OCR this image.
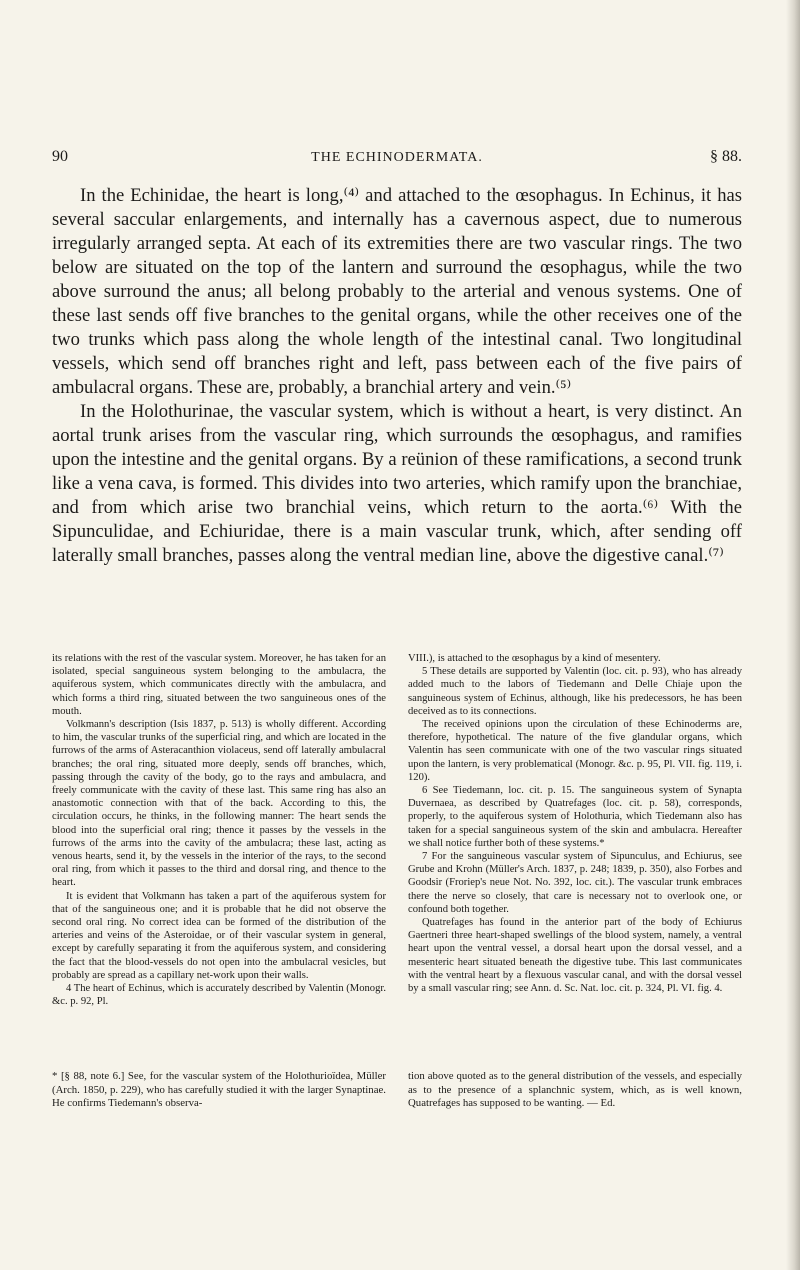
90	THE ECHINODERMATA.	§ 88.

In the Echinidae, the heart is long,⁽⁴⁾ and attached to the œsophagus. In Echinus, it has several saccular enlargements, and internally has a cavernous aspect, due to numerous irregularly arranged septa. At each of its extremities there are two vascular rings. The two below are situated on the top of the lantern and surround the œsophagus, while the two above surround the anus; all belong probably to the arterial and venous systems. One of these last sends off five branches to the genital organs, while the other receives one of the two trunks which pass along the whole length of the intestinal canal. Two longitudinal vessels, which send off branches right and left, pass between each of the five pairs of ambulacral organs. These are, probably, a branchial artery and vein.⁽⁵⁾

In the Holothurinae, the vascular system, which is without a heart, is very distinct. An aortal trunk arises from the vascular ring, which surrounds the œsophagus, and ramifies upon the intestine and the genital organs. By a reünion of these ramifications, a second trunk like a vena cava, is formed. This divides into two arteries, which ramify upon the branchiae, and from which arise two branchial veins, which return to the aorta.⁽⁶⁾ With the Sipunculidae, and Echiuridae, there is a main vascular trunk, which, after sending off laterally small branches, passes along the ventral median line, above the digestive canal.⁽⁷⁾

its relations with the rest of the vascular system. Moreover, he has taken for an isolated, special sanguineous system belonging to the ambulacra, the aquiferous system, which communicates directly with the ambulacra, and which forms a third ring, situated between the two sanguineous ones of the mouth.

Volkmann's description (Isis 1837, p. 513) is wholly different. According to him, the vascular trunks of the superficial ring, and which are located in the furrows of the arms of Asteracanthion violaceus, send off laterally ambulacral branches; the oral ring, situated more deeply, sends off branches, which, passing through the cavity of the body, go to the rays and ambulacra, and freely communicate with the cavity of these last. This same ring has also an anastomotic connection with that of the back. According to this, the circulation occurs, he thinks, in the following manner: The heart sends the blood into the superficial oral ring; thence it passes by the vessels in the furrows of the arms into the cavity of the ambulacra; these last, acting as venous hearts, send it, by the vessels in the interior of the rays, to the second oral ring, from which it passes to the third and dorsal ring, and thence to the heart.

It is evident that Volkmann has taken a part of the aquiferous system for that of the sanguineous one; and it is probable that he did not observe the second oral ring. No correct idea can be formed of the distribution of the arteries and veins of the Asteroidae, or of their vascular system in general, except by carefully separating it from the aquiferous system, and considering the fact that the blood-vessels do not open into the ambulacral vesicles, but probably are spread as a capillary net-work upon their walls.

4 The heart of Echinus, which is accurately described by Valentin (Monogr. &c. p. 92, Pl.

VIII.), is attached to the œsophagus by a kind of mesentery.

5 These details are supported by Valentin (loc. cit. p. 93), who has already added much to the labors of Tiedemann and Delle Chiaje upon the sanguineous system of Echinus, although, like his predecessors, he has been deceived as to its connections.

The received opinions upon the circulation of these Echinoderms are, therefore, hypothetical. The nature of the five glandular organs, which Valentin has seen communicate with one of the two vascular rings situated upon the lantern, is very problematical (Monogr. &c. p. 95, Pl. VII. fig. 119, i. 120).

6 See Tiedemann, loc. cit. p. 15. The sanguineous system of Synapta Duvernaea, as described by Quatrefages (loc. cit. p. 58), corresponds, properly, to the aquiferous system of Holothuria, which Tiedemann also has taken for a special sanguineous system of the skin and ambulacra. Hereafter we shall notice further both of these systems.*

7 For the sanguineous vascular system of Sipunculus, and Echiurus, see Grube and Krohn (Müller's Arch. 1837, p. 248; 1839, p. 350), also Forbes and Goodsir (Froriep's neue Not. No. 392, loc. cit.). The vascular trunk embraces there the nerve so closely, that care is necessary not to overlook one, or confound both together.

Quatrefages has found in the anterior part of the body of Echiurus Gaertneri three heart-shaped swellings of the blood system, namely, a ventral heart upon the ventral vessel, a dorsal heart upon the dorsal vessel, and a mesenteric heart situated beneath the digestive tube. This last communicates with the ventral heart by a flexuous vascular canal, and with the dorsal vessel by a small vascular ring; see Ann. d. Sc. Nat. loc. cit. p. 324, Pl. VI. fig. 4.

* [§ 88, note 6.] See, for the vascular system of the Holothurioïdea, Müller (Arch. 1850, p. 229), who has carefully studied it with the larger Synaptinae. He confirms Tiedemann's observa-

tion above quoted as to the general distribution of the vessels, and especially as to the presence of a splanchnic system, which, as is well known, Quatrefages has supposed to be wanting. — Ed.
